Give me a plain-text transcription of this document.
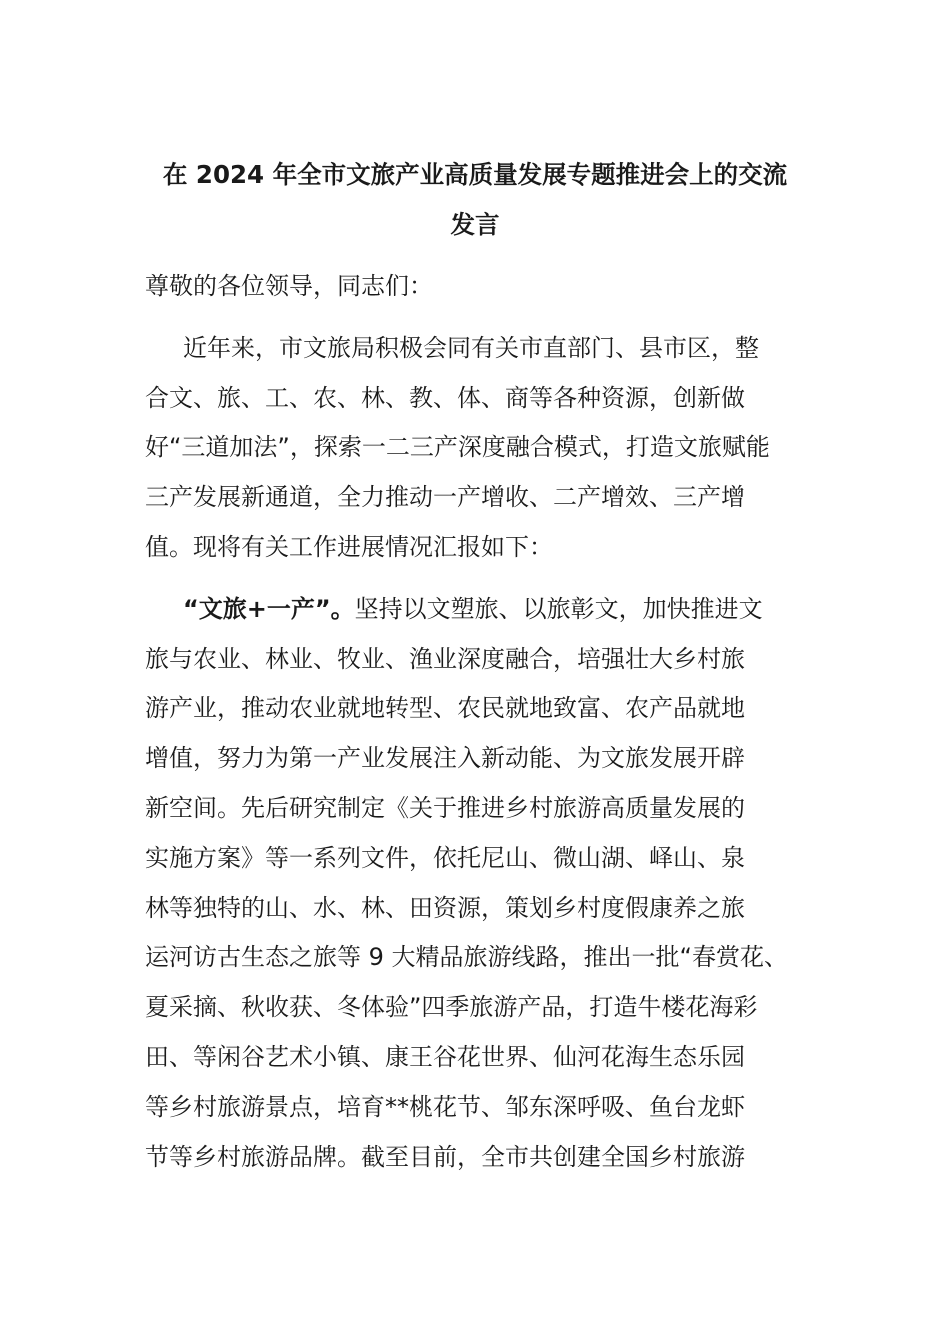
在 2024 年全市文旅产业高质量发展专题推进会上的交流
发言
尊敬的各位领导，同志们：
近年来，市文旅局积极会同有关市直部门、县市区，整
合文、旅、工、农、林、教、体、商等各种资源，创新做
好“三道加法”，探索一二三产深度融合模式，打造文旅赋能
三产发展新通道，全力推动一产增收、二产增效、三产增
值。现将有关工作进展情况汇报如下：
“文旅+一产”。坚持以文塑旅、以旅彰文，加快推进文
旅与农业、林业、牧业、渔业深度融合，培强壮大乡村旅
游产业，推动农业就地转型、农民就地致富、农产品就地
增值，努力为第一产业发展注入新动能、为文旅发展开辟
新空间。先后研究制定《关于推进乡村旅游高质量发展的
实施方案》等一系列文件，依托尼山、微山湖、峄山、泉
林等独特的山、水、林、田资源，策划乡村度假康养之旅
运河访古生态之旅等 9 大精品旅游线路，推出一批“春赏花、
夏采摘、秋收获、冬体验”四季旅游产品，打造牛楼花海彩
田、等闲谷艺术小镇、康王谷花世界、仙河花海生态乐园
等乡村旅游景点，培育**桃花节、邹东深呼吸、鱼台龙虾
节等乡村旅游品牌。截至目前，全市共创建全国乡村旅游
